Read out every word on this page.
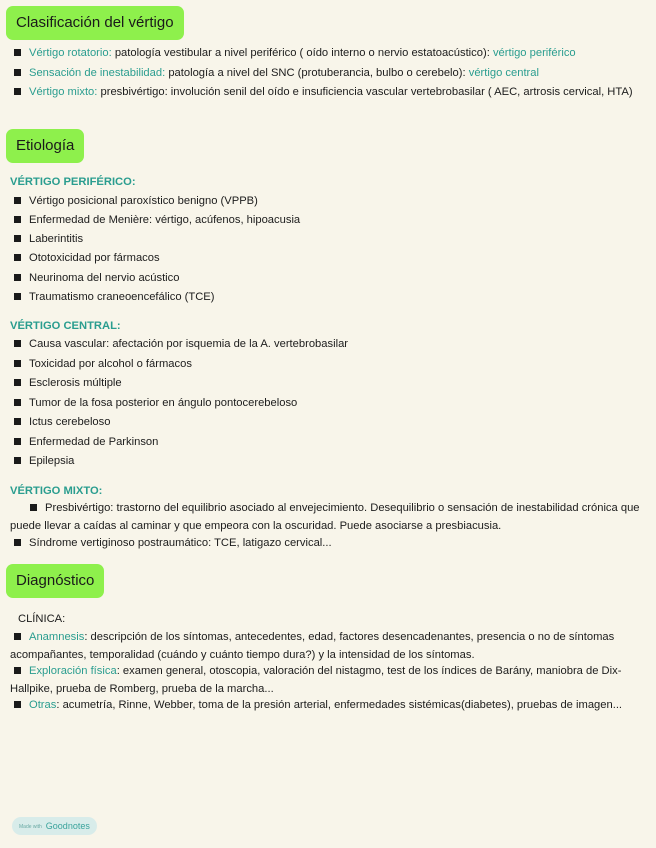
Clasificación del vértigo
Vértigo rotatorio: patología vestibular a nivel periférico ( oído interno o nervio estatoacústico): vértigo periférico
Sensación de inestabilidad: patología a nivel del SNC (protuberancia, bulbo o cerebelo): vértigo central
Vértigo mixto: presbivértigo: involución senil del oído e insuficiencia vascular vertebrobasilar ( AEC, artrosis cervical, HTA)
Etiología
VÉRTIGO PERIFÉRICO:
Vértigo posicional paroxístico benigno (VPPB)
Enfermedad de Menière: vértigo, acúfenos, hipoacusia
Laberintitis
Ototoxicidad por fármacos
Neurinoma del nervio acústico
Traumatismo craneoencefálico (TCE)
VÉRTIGO CENTRAL:
Causa vascular: afectación por isquemia de la A. vertebrobasilar
Toxicidad por alcohol o fármacos
Esclerosis múltiple
Tumor de la fosa posterior en ángulo pontocerebeloso
Ictus cerebeloso
Enfermedad de Parkinson
Epilepsia
VÉRTIGO MIXTO:
Presbivértigo: trastorno del equilibrio asociado al envejecimiento. Desequilibrio o sensación de inestabilidad crónica que puede llevar a caídas al caminar y que empeora con la oscuridad. Puede asociarse a presbiacusia.
Síndrome vertiginoso postraumático: TCE, latigazo cervical...
Diagnóstico
CLÍNICA:
Anamnesis: descripción de los síntomas, antecedentes, edad, factores desencadenantes, presencia o no de síntomas acompañantes, temporalidad (cuándo y cuánto tiempo dura?) y la intensidad de los síntomas.
Exploración física: examen general, otoscopia, valoración del nistagmo, test de los índices de Barány, maniobra de Dix-Hallpike, prueba de Romberg, prueba de la marcha...
Otras: acumetría, Rinne, Webber, toma de la presión arterial, enfermedades sistémicas(diabetes), pruebas de imagen...
Made with Goodnotes
